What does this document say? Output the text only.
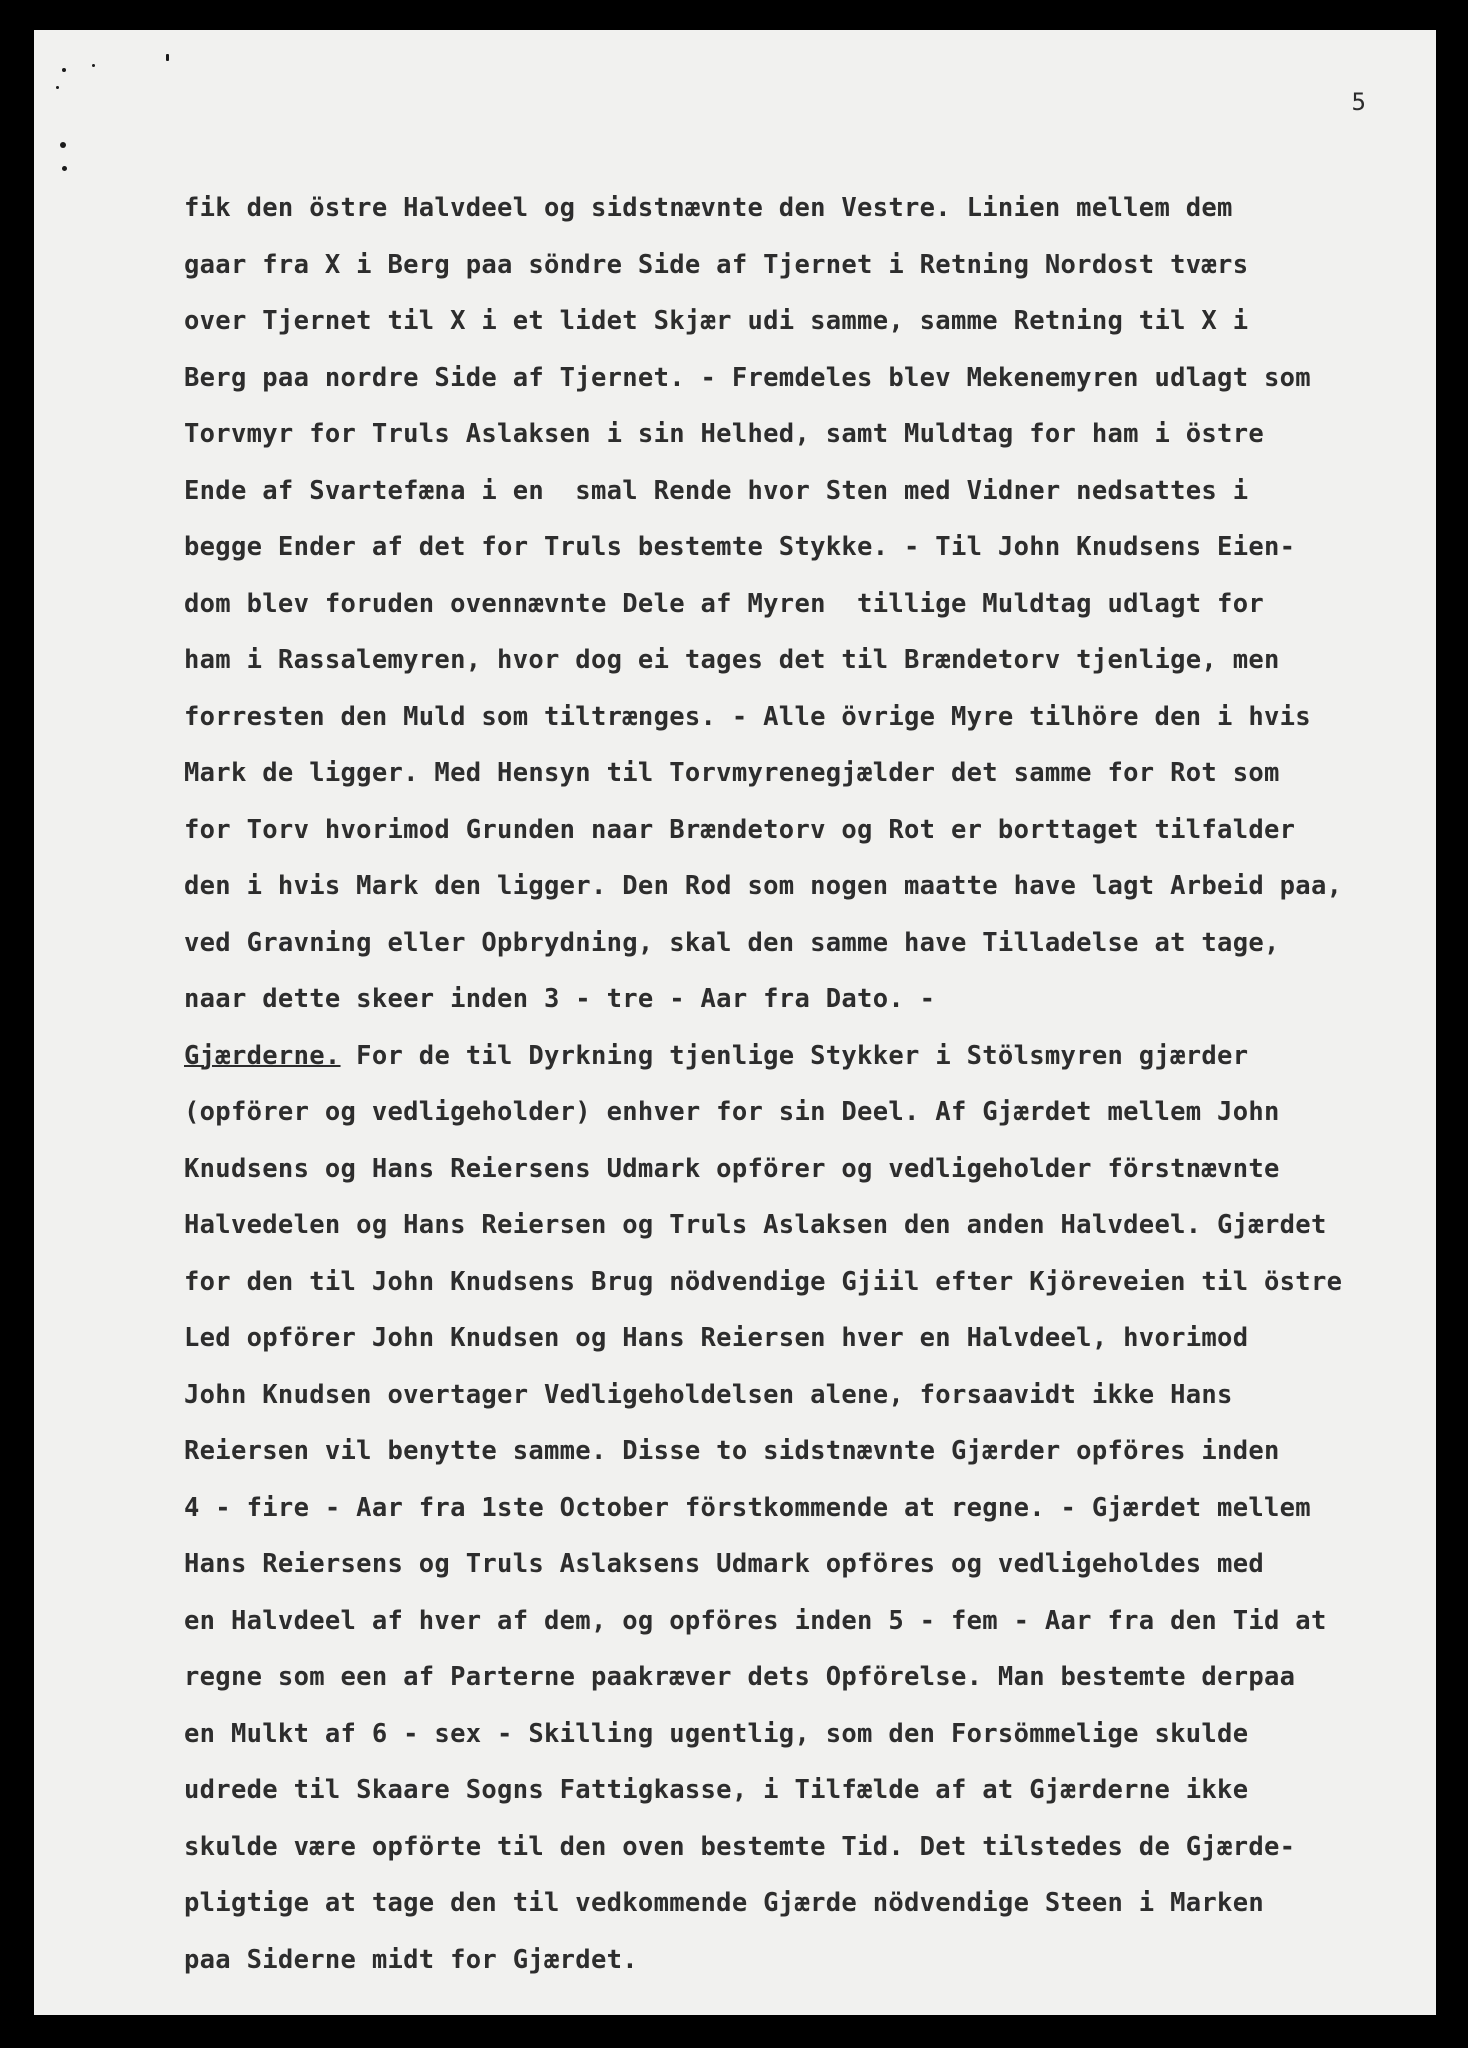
5
fik den östre Halvdeel og sidstnævnte den Vestre. Linien mellem dem
gaar fra X i Berg paa söndre Side af Tjernet i Retning Nordost tværs
over Tjernet til X i et lidet Skjær udi samme, samme Retning til X i
Berg paa nordre Side af Tjernet. - Fremdeles blev Mekenemyren udlagt som
Torvmyr for Truls Aslaksen i sin Helhed, samt Muldtag for ham i östre
Ende af Svartefæna i en  smal Rende hvor Sten med Vidner nedsattes i
begge Ender af det for Truls bestemte Stykke. - Til John Knudsens Eien-
dom blev foruden ovennævnte Dele af Myren  tillige Muldtag udlagt for
ham i Rassalemyren, hvor dog ei tages det til Brændetorv tjenlige, men
forresten den Muld som tiltrænges. - Alle övrige Myre tilhöre den i hvis
Mark de ligger. Med Hensyn til Torvmyrenegjælder det samme for Rot som
for Torv hvorimod Grunden naar Brændetorv og Rot er borttaget tilfalder
den i hvis Mark den ligger. Den Rod som nogen maatte have lagt Arbeid paa,
ved Gravning eller Opbrydning, skal den samme have Tilladelse at tage,
naar dette skeer inden 3 - tre - Aar fra Dato. -
Gjærderne. For de til Dyrkning tjenlige Stykker i Stölsmyren gjærder
(opförer og vedligeholder) enhver for sin Deel. Af Gjærdet mellem John
Knudsens og Hans Reiersens Udmark opförer og vedligeholder förstnævnte
Halvedelen og Hans Reiersen og Truls Aslaksen den anden Halvdeel. Gjærdet
for den til John Knudsens Brug nödvendige Gjiil efter Kjöreveien til östre
Led opförer John Knudsen og Hans Reiersen hver en Halvdeel, hvorimod
John Knudsen overtager Vedligeholdelsen alene, forsaavidt ikke Hans
Reiersen vil benytte samme. Disse to sidstnævnte Gjærder opföres inden
4 - fire - Aar fra 1ste October förstkommende at regne. - Gjærdet mellem
Hans Reiersens og Truls Aslaksens Udmark opföres og vedligeholdes med
en Halvdeel af hver af dem, og opföres inden 5 - fem - Aar fra den Tid at
regne som een af Parterne paakræver dets Opförelse. Man bestemte derpaa
en Mulkt af 6 - sex - Skilling ugentlig, som den Forsömmelige skulde
udrede til Skaare Sogns Fattigkasse, i Tilfælde af at Gjærderne ikke
skulde være opförte til den oven bestemte Tid. Det tilstedes de Gjærde-
pligtige at tage den til vedkommende Gjærde nödvendige Steen i Marken
paa Siderne midt for Gjærdet.
